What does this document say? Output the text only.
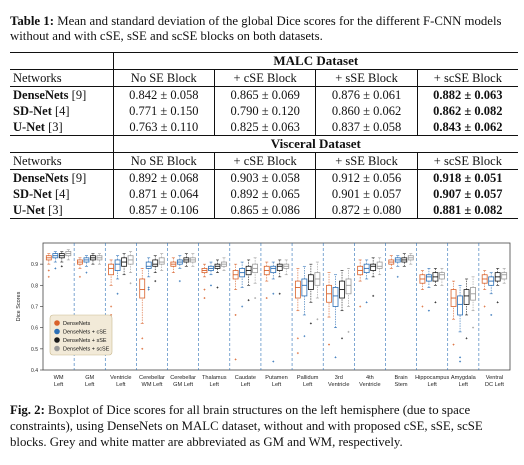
Table 1: Mean and standard deviation of the global Dice scores for the different F-CNN models without and with cSE, sSE and scSE blocks on both datasets.
	MALC Dataset			
Networks	No SE Block	+ cSE Block	+ sSE Block	+ scSE Block
DenseNets [9]	0.842 ± 0.058	0.865 ± 0.069	0.876 ± 0.061	0.882 ± 0.063
SD-Net [4]	0.771 ± 0.150	0.790 ± 0.120	0.860 ± 0.062	0.862 ± 0.082
U-Net [3]	0.763 ± 0.110	0.825 ± 0.063	0.837 ± 0.058	0.843 ± 0.062
	Visceral Dataset			
Networks	No SE Block	+ cSE Block	+ sSE Block	+ scSE Block
DenseNets [9]	0.892 ± 0.068	0.903 ± 0.058	0.912 ± 0.056	0.918 ± 0.051
SD-Net [4]	0.871 ± 0.064	0.892 ± 0.065	0.901 ± 0.057	0.907 ± 0.057
U-Net [3]	0.857 ± 0.106	0.865 ± 0.086	0.872 ± 0.080	0.881 ± 0.082
0.4
0.5
0.6
0.7
0.8
0.9
Dice Scores
WM
Left
GM
Left
Ventricle
Left
Cerebellar
WM Left
Cerebellar
GM Left
Thalamus
Left
Caudate
Left
Putamen
Left
Pallidum
Left
3rd
Ventricle
4th
Ventricle
Brain
Stem
Hippocampus
Left
Amygdala
Left
Ventral
DC Left
DenseNets
DenseNets + cSE
DenseNets + sSE
DenseNets + scSE
Fig. 2: Boxplot of Dice scores for all brain structures on the left hemisphere (due to space constraints), using DenseNets on MALC dataset, without and with proposed cSE, sSE, scSE blocks. Grey and white matter are abbreviated as GM and WM, respectively.
